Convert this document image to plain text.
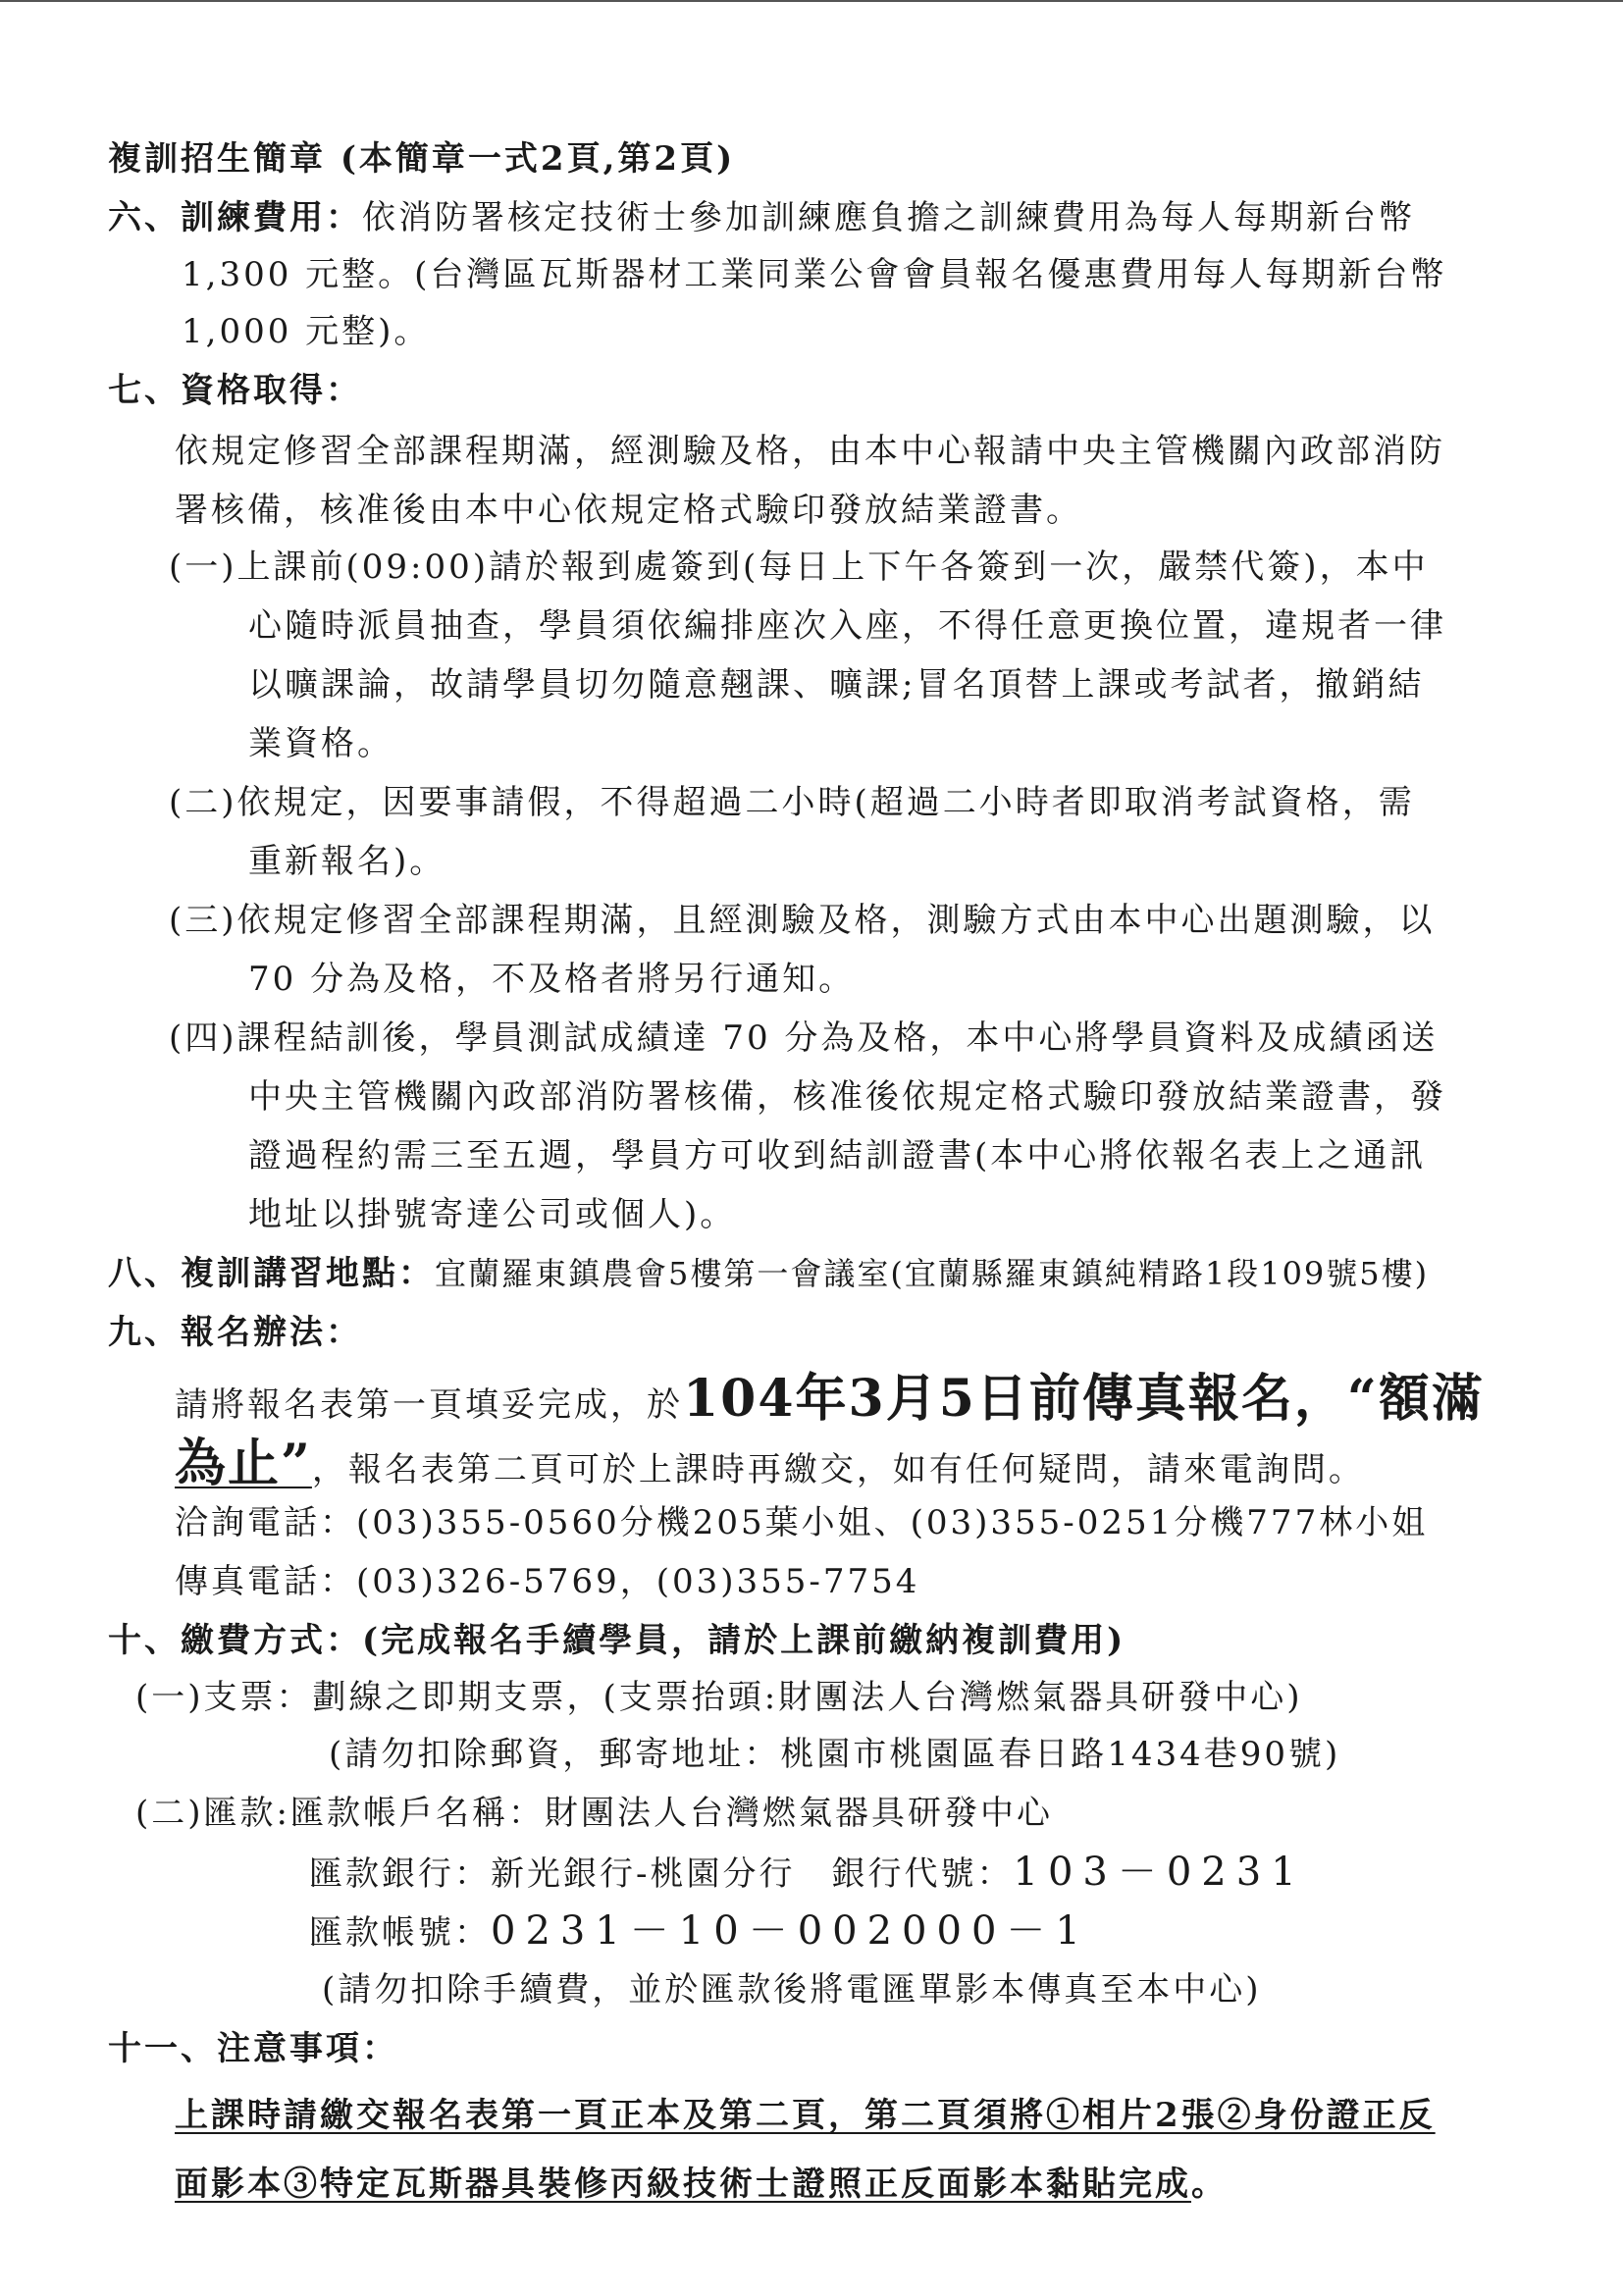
複訓招生簡章 (本簡章一式2頁,第2頁)
六、訓練費用：依消防署核定技術士參加訓練應負擔之訓練費用為每人每期新台幣
1,300 元整。(台灣區瓦斯器材工業同業公會會員報名優惠費用每人每期新台幣
1,000 元整)。
七、資格取得：
依規定修習全部課程期滿，經測驗及格，由本中心報請中央主管機關內政部消防
署核備，核准後由本中心依規定格式驗印發放結業證書。
(一)上課前(09:00)請於報到處簽到(每日上下午各簽到一次，嚴禁代簽)，本中
心隨時派員抽查，學員須依編排座次入座，不得任意更換位置，違規者一律
以曠課論，故請學員切勿隨意翹課、曠課;冒名頂替上課或考試者，撤銷結
業資格。
(二)依規定，因要事請假，不得超過二小時(超過二小時者即取消考試資格，需
重新報名)。
(三)依規定修習全部課程期滿，且經測驗及格，測驗方式由本中心出題測驗，以
70 分為及格，不及格者將另行通知。
(四)課程結訓後，學員測試成績達 70 分為及格，本中心將學員資料及成績函送
中央主管機關內政部消防署核備，核准後依規定格式驗印發放結業證書，發
證過程約需三至五週，學員方可收到結訓證書(本中心將依報名表上之通訊
地址以掛號寄達公司或個人)。
八、複訓講習地點：宜蘭羅東鎮農會5樓第一會議室(宜蘭縣羅東鎮純精路1段109號5樓)
九、報名辦法：
請將報名表第一頁填妥完成，於104年3月5日前傳真報名，“額滿
為止”，報名表第二頁可於上課時再繳交，如有任何疑問，請來電詢問。
洽詢電話：(03)355-0560分機205葉小姐、(03)355-0251分機777林小姐
傳真電話：(03)326-5769，(03)355-7754
十、繳費方式：(完成報名手續學員，請於上課前繳納複訓費用)
(一)支票：劃線之即期支票，(支票抬頭:財團法人台灣燃氣器具研發中心)
(請勿扣除郵資，郵寄地址：桃園市桃園區春日路1434巷90號)
(二)匯款:匯款帳戶名稱：財團法人台灣燃氣器具研發中心
匯款銀行：新光銀行-桃園分行　銀行代號：103－0231
匯款帳號：0231－10－002000－1
(請勿扣除手續費，並於匯款後將電匯單影本傳真至本中心)
十一、注意事項：
上課時請繳交報名表第一頁正本及第二頁，第二頁須將①相片2張②身份證正反
面影本③特定瓦斯器具裝修丙級技術士證照正反面影本黏貼完成。
